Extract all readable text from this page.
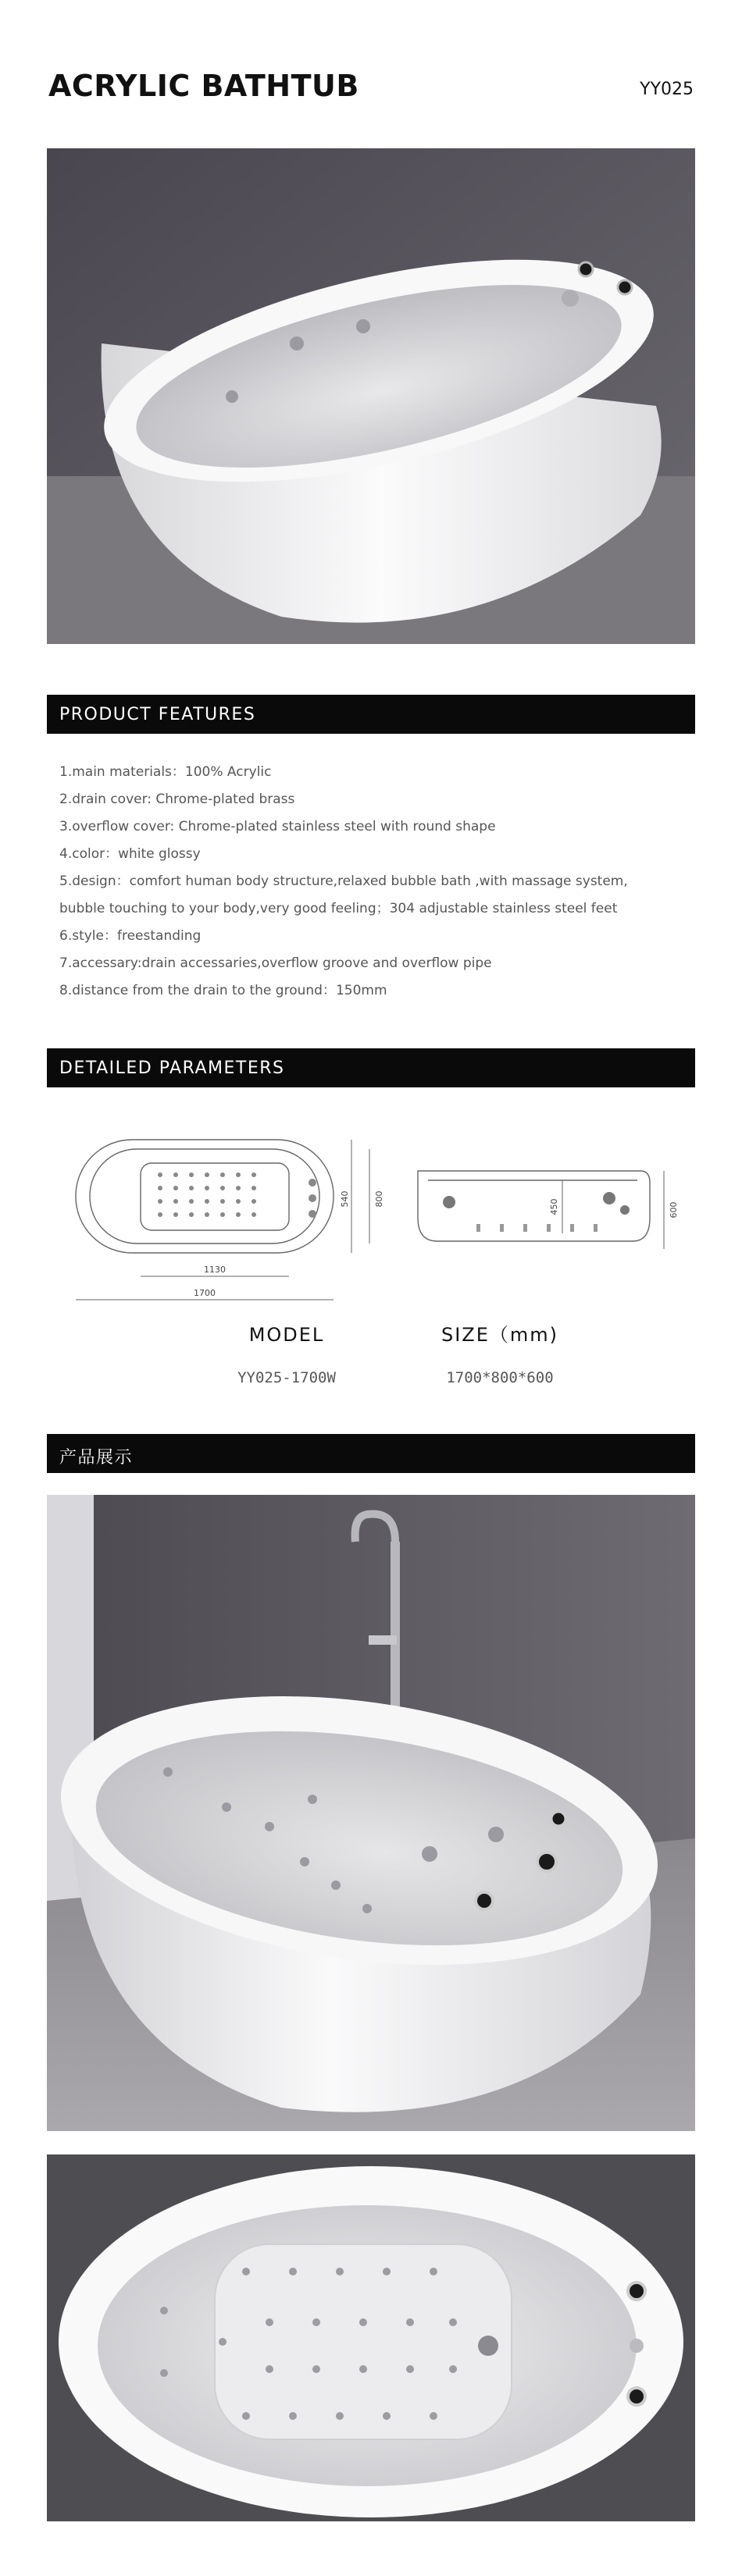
ACRYLIC BATHTUB	YY025
PRODUCT FEATURES
1.main materials：100% Acrylic
2.drain cover: Chrome-plated brass
3.overflow cover: Chrome-plated stainless steel with round shape
4.color：white glossy
5.design：comfort human body structure,relaxed bubble bath ,with massage system,
bubble touching to your body,very good feeling；304 adjustable stainless steel feet
6.style：freestanding
7.accessary:drain accessaries,overflow groove and overflow pipe
8.distance from the drain to the ground：150mm
DETAILED PARAMETERS
1700
1130
540	800
600
450
MODEL
YY025-1700W
SIZE（mm)
1700*800*600
产品展示
